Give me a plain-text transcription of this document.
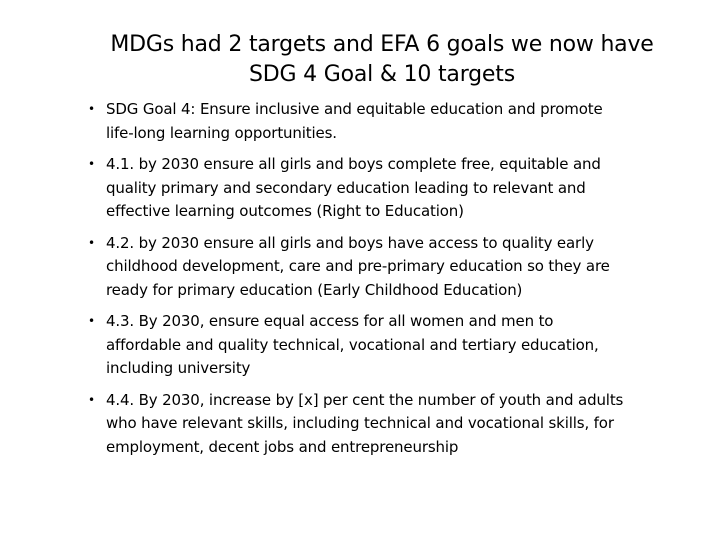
MDGs had 2 targets and EFA 6 goals we now have
SDG 4 Goal & 10 targets
• SDG Goal 4: Ensure inclusive and equitable education and promote
life-long learning opportunities.
• 4.1. by 2030 ensure all girls and boys complete free, equitable and
quality primary and secondary education leading to relevant and
effective learning outcomes (Right to Education)
• 4.2. by 2030 ensure all girls and boys have access to quality early
childhood development, care and pre-primary education so they are
ready for primary education (Early Childhood Education)
• 4.3. By 2030, ensure equal access for all women and men to
affordable and quality technical, vocational and tertiary education,
including university
• 4.4. By 2030, increase by [x] per cent the number of youth and adults
who have relevant skills, including technical and vocational skills, for
employment, decent jobs and entrepreneurship
